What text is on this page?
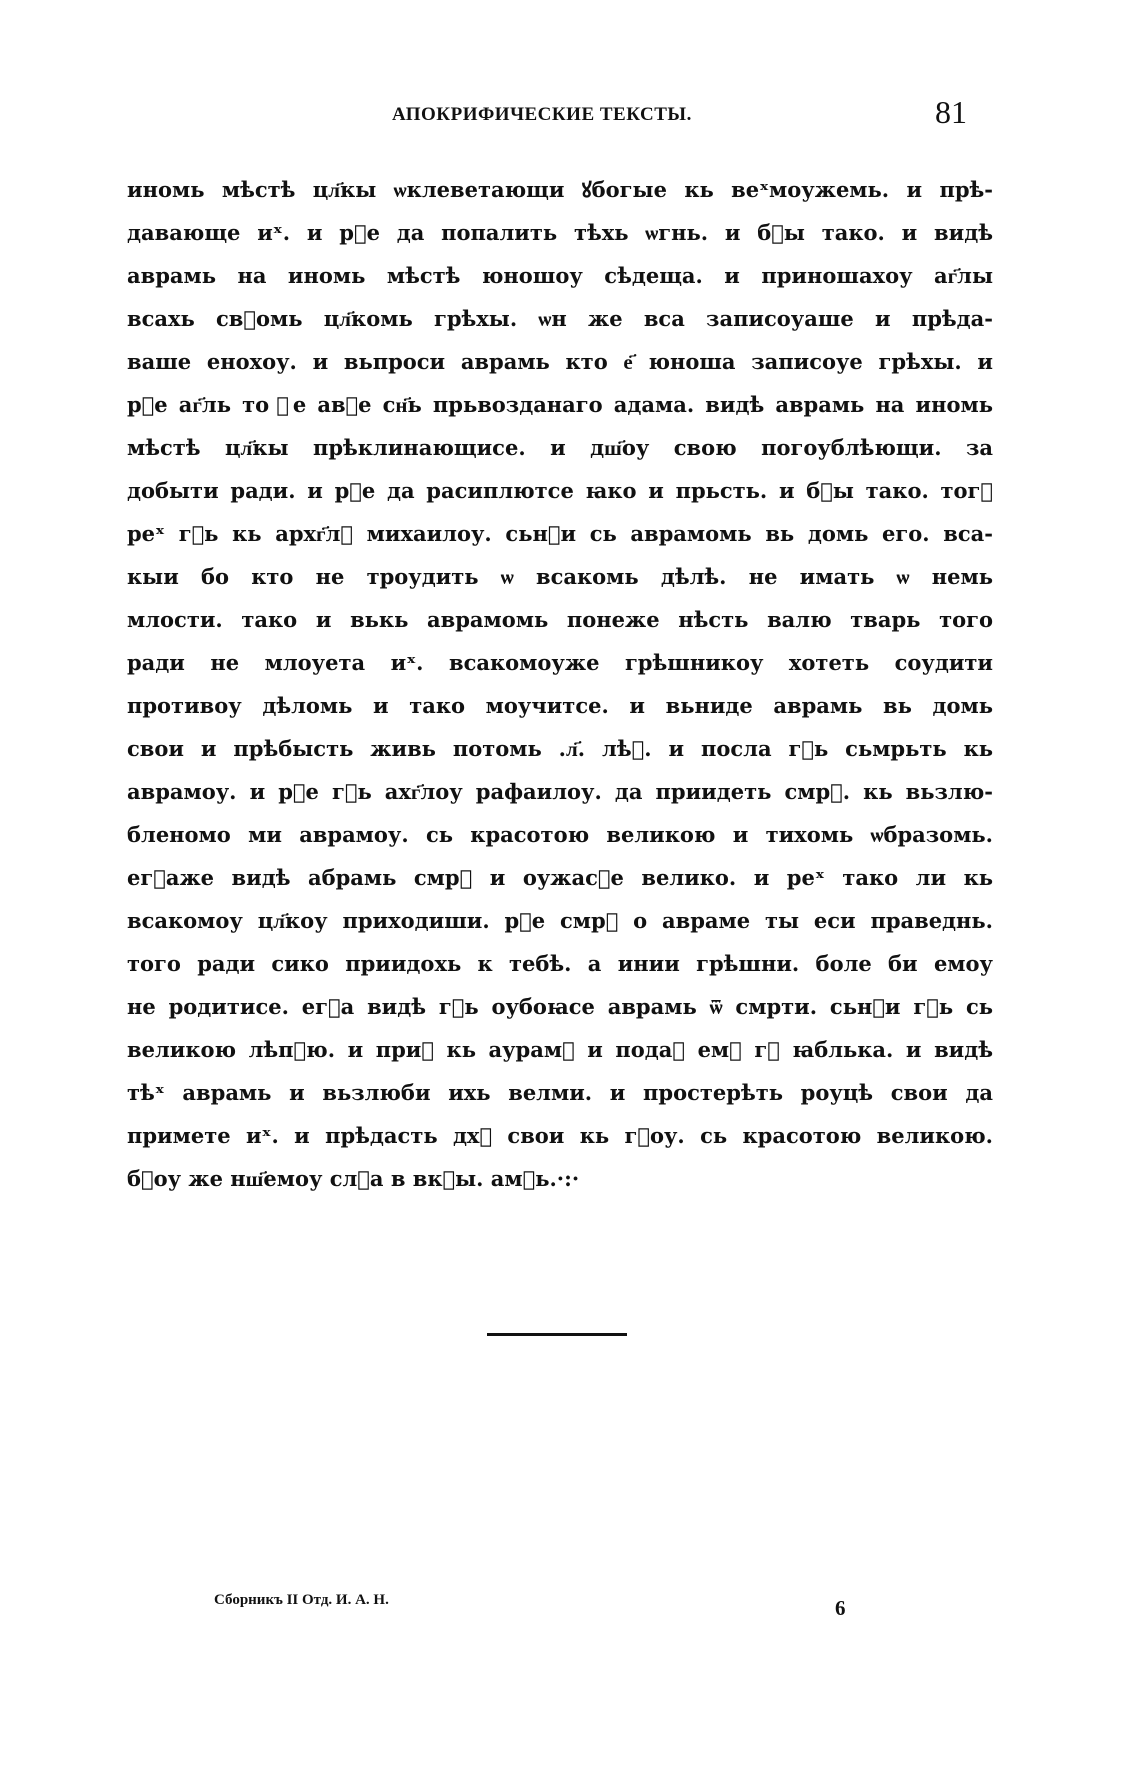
АПОКРИФИЧЕСКИЕ ТЕКСТЫ.	81
иномь мѣстѣ цл҃кы ѡклеветающи ꙋбогые кь веˣмоужемь. и прѣ-
давающе иˣ. и рⷮе да попалить тѣхь ѡгнь. и бⷭы тако. и видѣ
аврамь на иномь мѣстѣ юношоу сѣдеща. и приношахоу аг҃лы
всахь свⷪомь цл҃комь грѣхы. ѡн же вса записоуаше и прѣда-
ваше еноxоу. и вьпроси аврамь кто е҃ юноша записоуе грѣхы. и
рⷮе аг҃ль то ⷷе авⷷе сн҃ь прьвозданаго адама. видѣ аврамь на иномь
мѣстѣ цл҃кы прѣклинающисе. и дш҃оу свою погоублѣющи. за
добыти ради. и рⷮе да расиплютсе ꙗко и прьсть. и бⷭы тако. тогⷣ
реˣ гⷭь кь архг҃лꙋ михаилоу. сьнⷣи сь аврамомь вь домь его. вса-
кыи бо кто не троудить ѡ всакомь дѣлѣ. не имать ѡ немь
млости. тако и вькь аврамомь понеже нѣсть валю тварь того
ради не млоуета иˣ. всакомоуже грѣшникоу хотеть соудити
противоу дѣломь и тако моучитсе. и вьниде аврамь вь домь
свои и прѣбысть живь потомь .л҃. лѣⷮ. и посла гⷭь сьмрьть кь
аврамоу. и рⷮе гⷭь ахг҃лоу рафаилоу. да приидеть смрⷮ. кь вьзлю-
бленомо ми аврамоу. сь красотою великою и тихомь ѡбразомь.
егⷣаже видѣ абрамь смрⷮ и оужасⷷе велико. и реˣ тако ли кь
всакомоу цл҃коу приходиши. рⷮе смрⷮ о авраме ты еси праведнь.
того ради сико приидохь к тебѣ. а инии грѣшни. боле би емоу
не родитисе. егⷣа видѣ гⷭь оубоꙗсе аврамь ѿ смрти. сьнⷣи гⷭь сь
великою лѣпⷪю. и приⷣ кь аурамꙋ и подаⷣ емꙋ гⷭ ꙗблька. и видѣ
тѣˣ аврамь и вьзлюби ихь велми. и простерѣть роуцѣ свои да
примете иˣ. и прѣдасть дхⷭ свои кь гⷭоу. сь красотою великою.
бⷪоу же нш҃емоу слⷷа в вкⷪы. амⷩь.·:·
Сборникъ II Отд. И. А. Н.	6
